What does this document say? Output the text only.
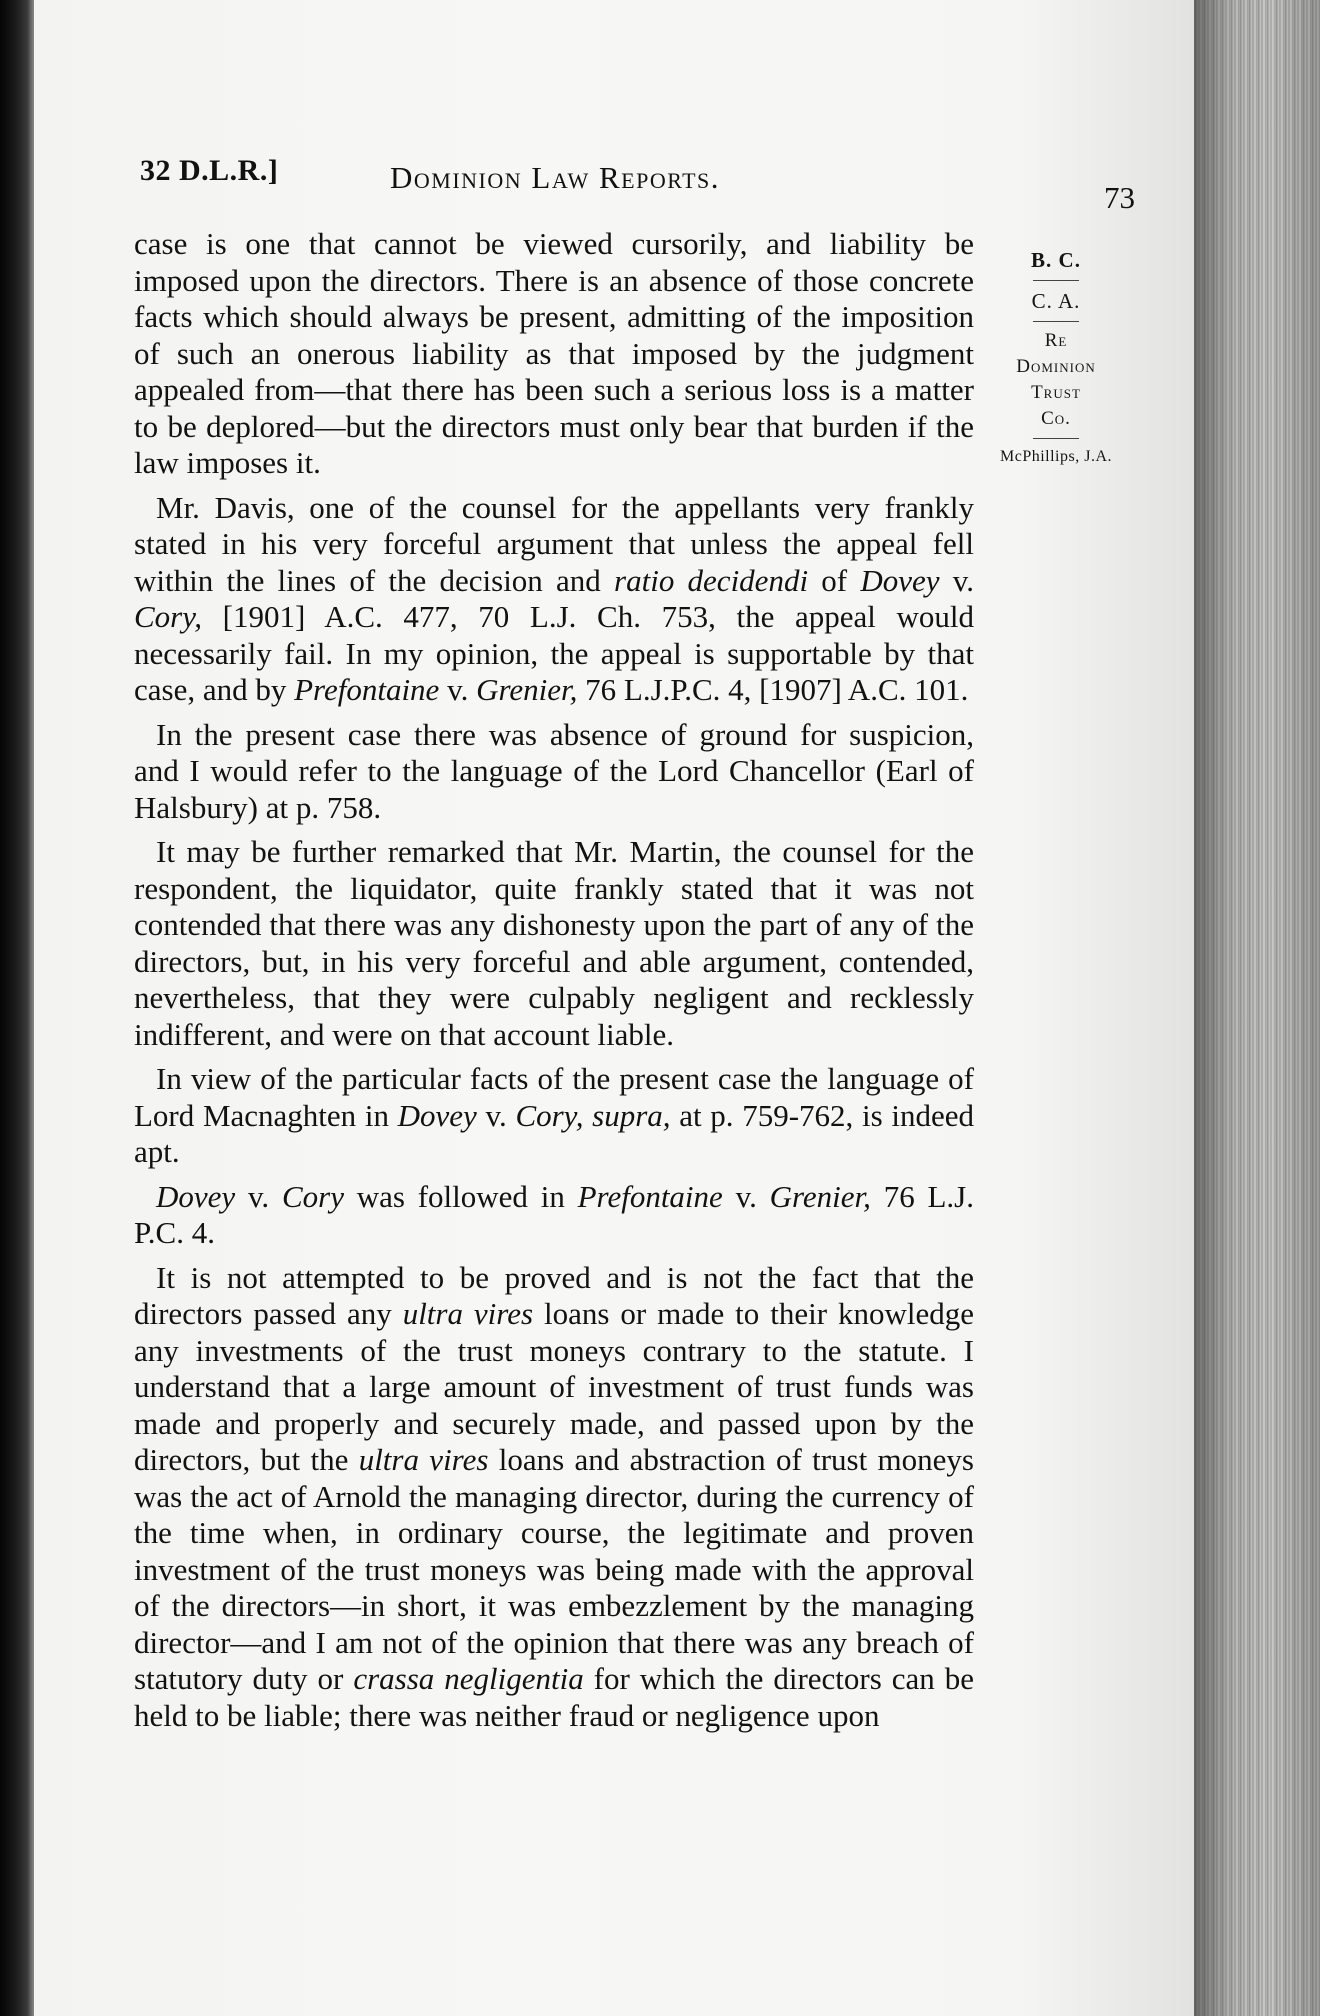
32 D.L.R.]	Dominion Law Reports.
73
B. C.
C. A.
Re
Dominion
Trust
Co.
McPhillips, J.A.

case is one that cannot be viewed cursorily, and liability be imposed upon the directors. There is an absence of those concrete facts which should always be present, admitting of the imposition of such an onerous liability as that imposed by the judgment appealed from—that there has been such a serious loss is a matter to be deplored—but the directors must only bear that burden if the law imposes it.

Mr. Davis, one of the counsel for the appellants very frankly stated in his very forceful argument that unless the appeal fell within the lines of the decision and ratio decidendi of Dovey v. Cory, [1901] A.C. 477, 70 L.J. Ch. 753, the appeal would necessarily fail. In my opinion, the appeal is supportable by that case, and by Prefontaine v. Grenier, 76 L.J.P.C. 4, [1907] A.C. 101.

In the present case there was absence of ground for suspicion, and I would refer to the language of the Lord Chancellor (Earl of Halsbury) at p. 758.

It may be further remarked that Mr. Martin, the counsel for the respondent, the liquidator, quite frankly stated that it was not contended that there was any dishonesty upon the part of any of the directors, but, in his very forceful and able argument, contended, nevertheless, that they were culpably negligent and recklessly indifferent, and were on that account liable.

In view of the particular facts of the present case the language of Lord Macnaghten in Dovey v. Cory, supra, at p. 759-762, is indeed apt.

Dovey v. Cory was followed in Prefontaine v. Grenier, 76 L.J. P.C. 4.

It is not attempted to be proved and is not the fact that the directors passed any ultra vires loans or made to their knowledge any investments of the trust moneys contrary to the statute. I understand that a large amount of investment of trust funds was made and properly and securely made, and passed upon by the directors, but the ultra vires loans and abstraction of trust moneys was the act of Arnold the managing director, during the currency of the time when, in ordinary course, the legitimate and proven investment of the trust moneys was being made with the approval of the directors—in short, it was embezzlement by the managing director—and I am not of the opinion that there was any breach of statutory duty or crassa negligentia for which the directors can be held to be liable; there was neither fraud or negligence upon
